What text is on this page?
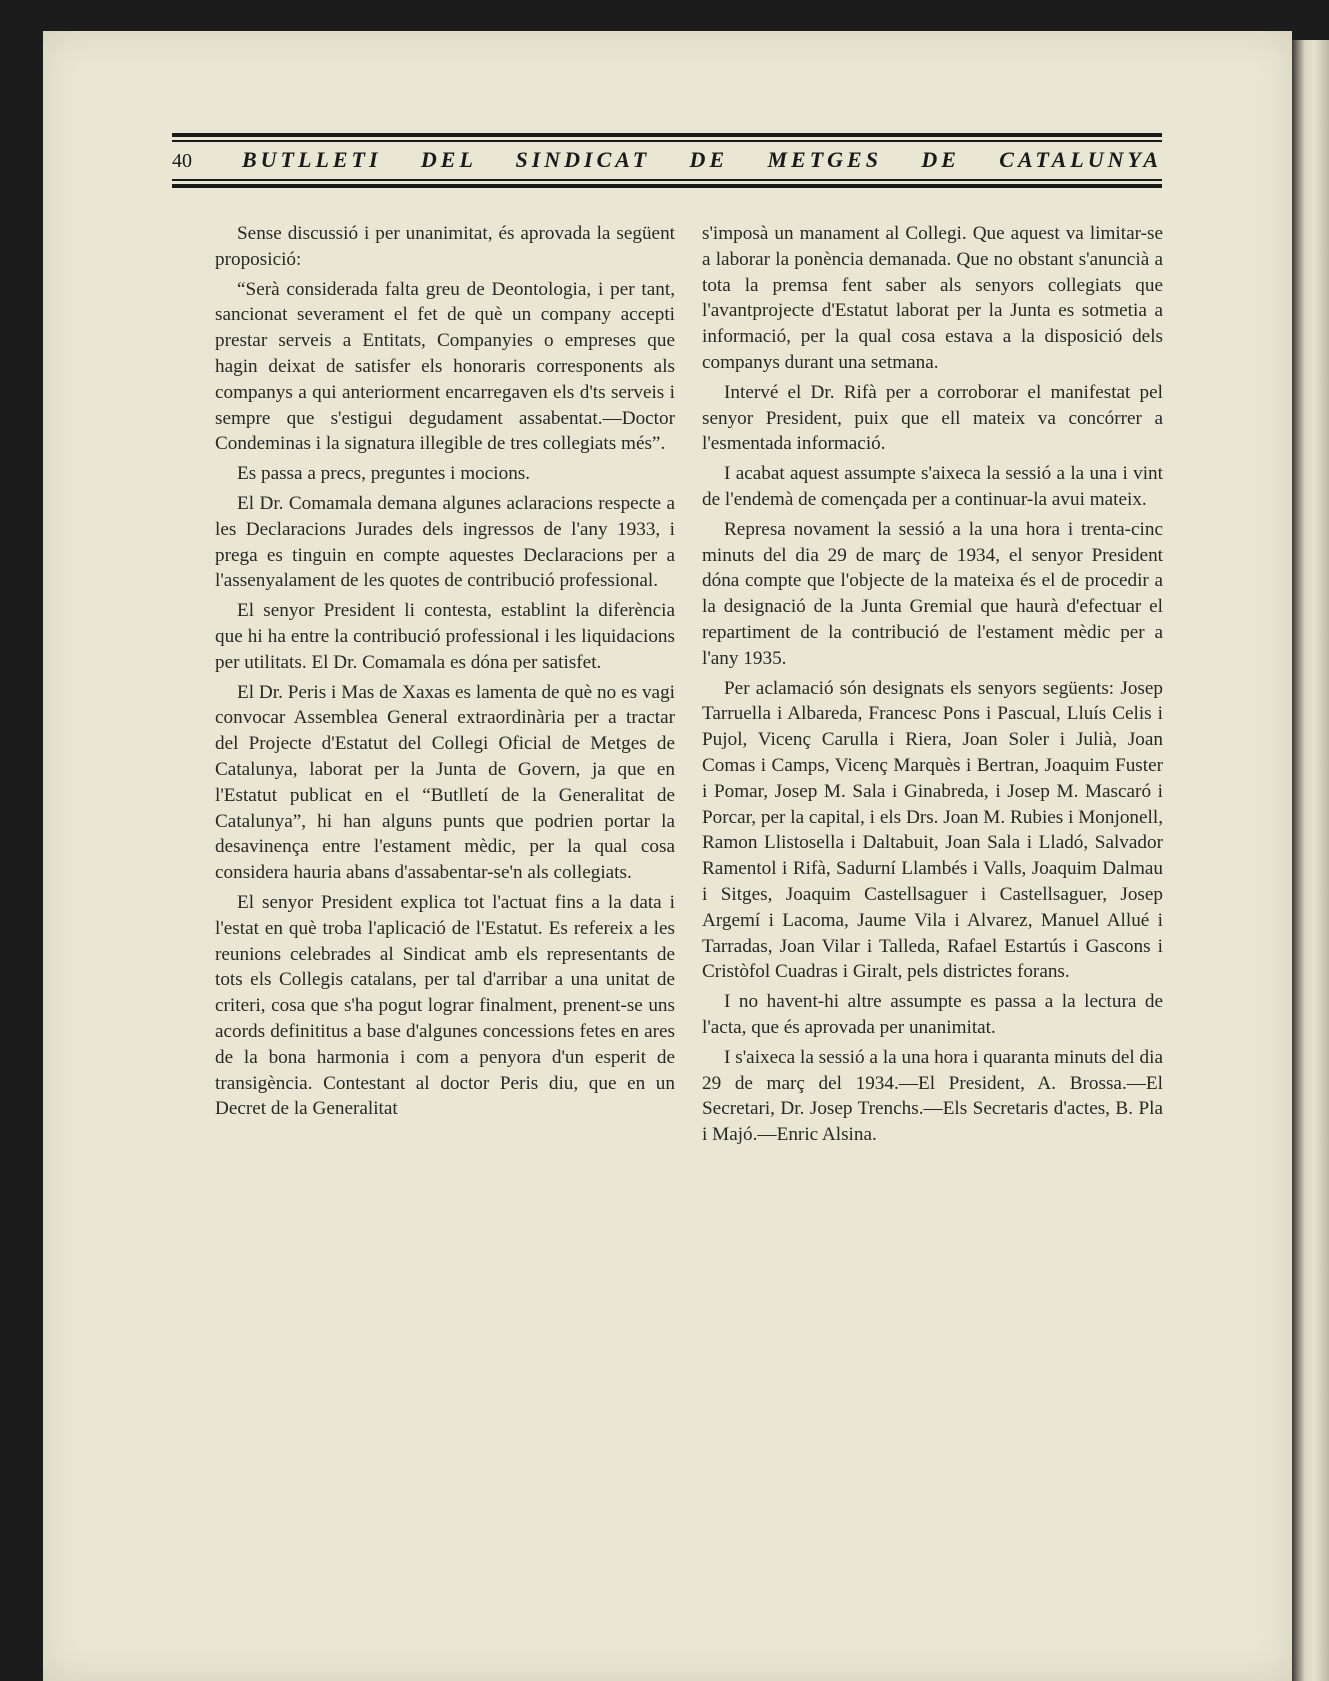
40	BUTLLETI DEL SINDICAT DE METGES DE CATALUNYA

Sense discussió i per unanimitat, és aprovada la següent proposició:

“Serà considerada falta greu de Deontologia, i per tant, sancionat severament el fet de què un company accepti prestar serveis a Entitats, Companyies o empreses que hagin deixat de satisfer els honoraris corresponents als companys a qui anteriorment encarregaven els d'ts serveis i sempre que s'estigui degudament assabentat.—Doctor Condeminas i la signatura illegible de tres collegiats més”.

Es passa a precs, preguntes i mocions.

El Dr. Comamala demana algunes aclaracions respecte a les Declaracions Jurades dels ingressos de l'any 1933, i prega es tinguin en compte aquestes Declaracions per a l'assenyalament de les quotes de contribució professional.

El senyor President li contesta, establint la diferència que hi ha entre la contribució professional i les liquidacions per utilitats. El Dr. Comamala es dóna per satisfet.

El Dr. Peris i Mas de Xaxas es lamenta de què no es vagi convocar Assemblea General extraordinària per a tractar del Projecte d'Estatut del Collegi Oficial de Metges de Catalunya, laborat per la Junta de Govern, ja que en l'Estatut publicat en el “Butlletí de la Generalitat de Catalunya”, hi han alguns punts que podrien portar la desavinença entre l'estament mèdic, per la qual cosa considera hauria abans d'assabentar-se'n als collegiats.

El senyor President explica tot l'actuat fins a la data i l'estat en què troba l'aplicació de l'Estatut. Es refereix a les reunions celebrades al Sindicat amb els representants de tots els Collegis catalans, per tal d'arribar a una unitat de criteri, cosa que s'ha pogut lograr finalment, prenent-se uns acords definititus a base d'algunes concessions fetes en ares de la bona harmonia i com a penyora d'un esperit de transigència. Contestant al doctor Peris diu, que en un Decret de la Generalitat

s'imposà un manament al Collegi. Que aquest va limitar-se a laborar la ponència demanada. Que no obstant s'anuncià a tota la premsa fent saber als senyors collegiats que l'avantprojecte d'Estatut laborat per la Junta es sotmetia a informació, per la qual cosa estava a la disposició dels companys durant una setmana.

Intervé el Dr. Rifà per a corroborar el manifestat pel senyor President, puix que ell mateix va concórrer a l'esmentada informació.

I acabat aquest assumpte s'aixeca la sessió a la una i vint de l'endemà de començada per a continuar-la avui mateix.

Represa novament la sessió a la una hora i trenta-cinc minuts del dia 29 de març de 1934, el senyor President dóna compte que l'objecte de la mateixa és el de procedir a la designació de la Junta Gremial que haurà d'efectuar el repartiment de la contribució de l'estament mèdic per a l'any 1935.

Per aclamació són designats els senyors següents: Josep Tarruella i Albareda, Francesc Pons i Pascual, Lluís Celis i Pujol, Vicenç Carulla i Riera, Joan Soler i Julià, Joan Comas i Camps, Vicenç Marquès i Bertran, Joaquim Fuster i Pomar, Josep M. Sala i Ginabreda, i Josep M. Mascaró i Porcar, per la capital, i els Drs. Joan M. Rubies i Monjonell, Ramon Llistosella i Daltabuit, Joan Sala i Lladó, Salvador Ramentol i Rifà, Sadurní Llambés i Valls, Joaquim Dalmau i Sitges, Joaquim Castellsaguer i Castellsaguer, Josep Argemí i Lacoma, Jaume Vila i Alvarez, Manuel Allué i Tarradas, Joan Vilar i Talleda, Rafael Estartús i Gascons i Cristòfol Cuadras i Giralt, pels districtes forans.

I no havent-hi altre assumpte es passa a la lectura de l'acta, que és aprovada per unanimitat.

I s'aixeca la sessió a la una hora i quaranta minuts del dia 29 de març del 1934.—El President, A. Brossa.—El Secretari, Dr. Josep Trenchs.—Els Secretaris d'actes, B. Pla i Majó.—Enric Alsina.
